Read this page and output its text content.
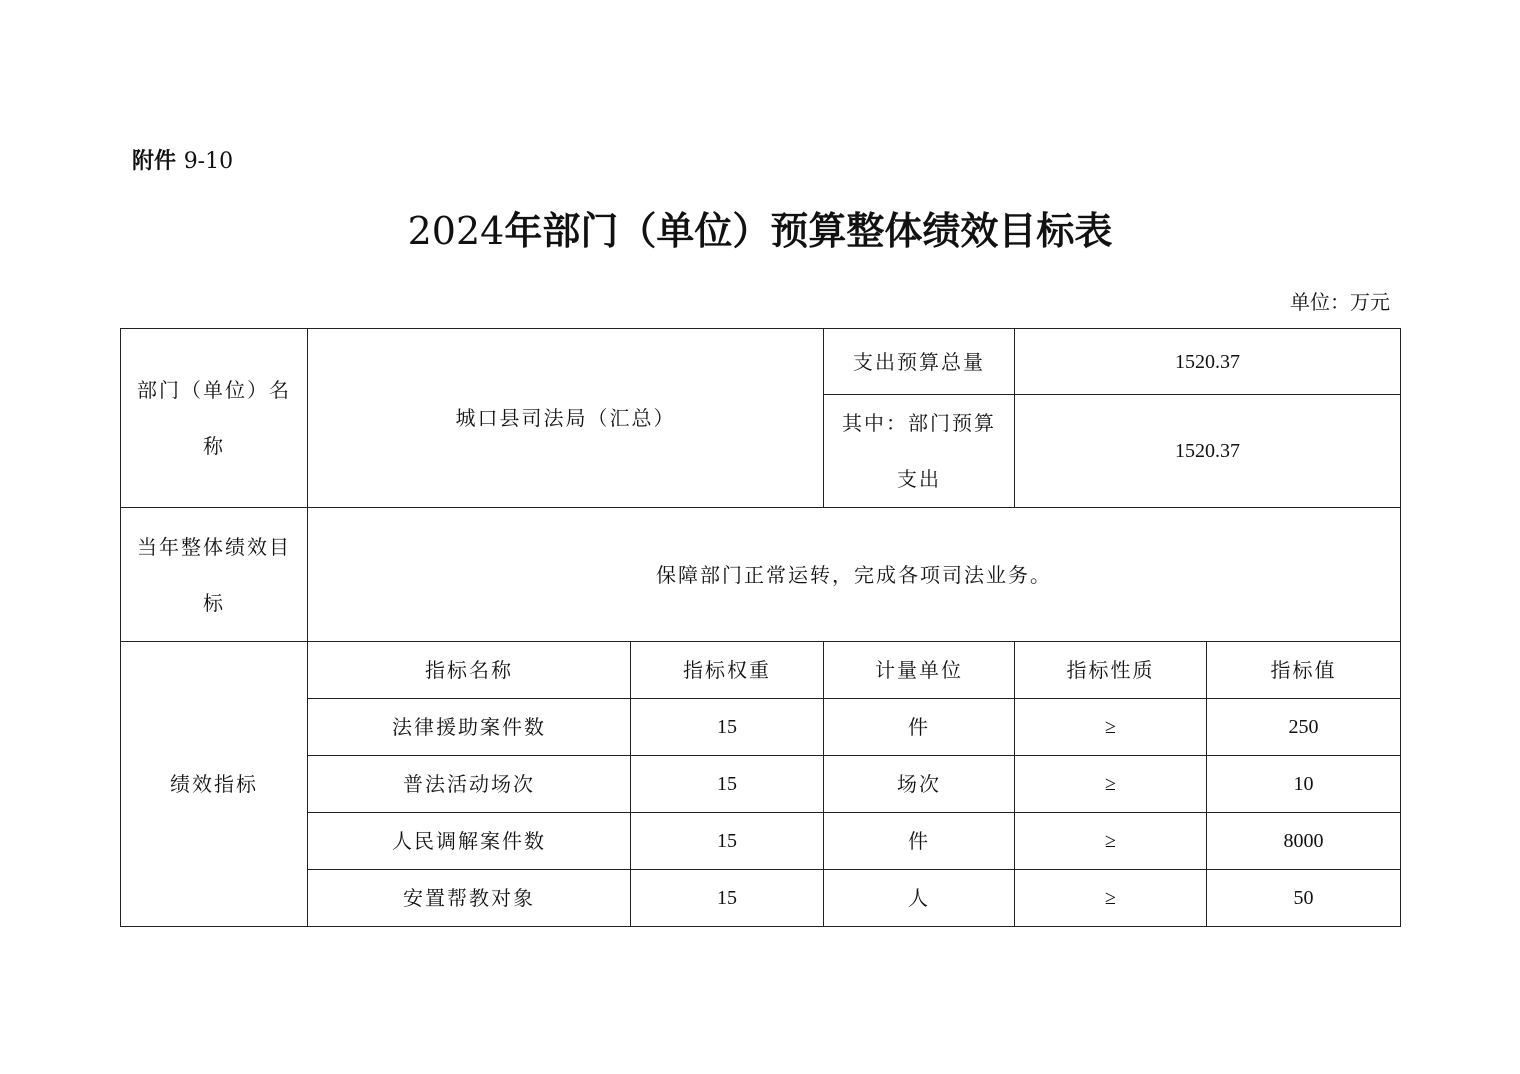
附件 9-10
2024年部门（单位）预算整体绩效目标表
单位：万元
部门（单位）名称	城口县司法局（汇总）		支出预算总量	1520.37	
			其中：部门预算支出	1520.37	
当年整体绩效目标	保障部门正常运转，完成各项司法业务。				
绩效指标	指标名称	指标权重	计量单位	指标性质	指标值
	法律援助案件数	15	件	≥	250
	普法活动场次	15	场次	≥	10
	人民调解案件数	15	件	≥	8000
	安置帮教对象	15	人	≥	50
